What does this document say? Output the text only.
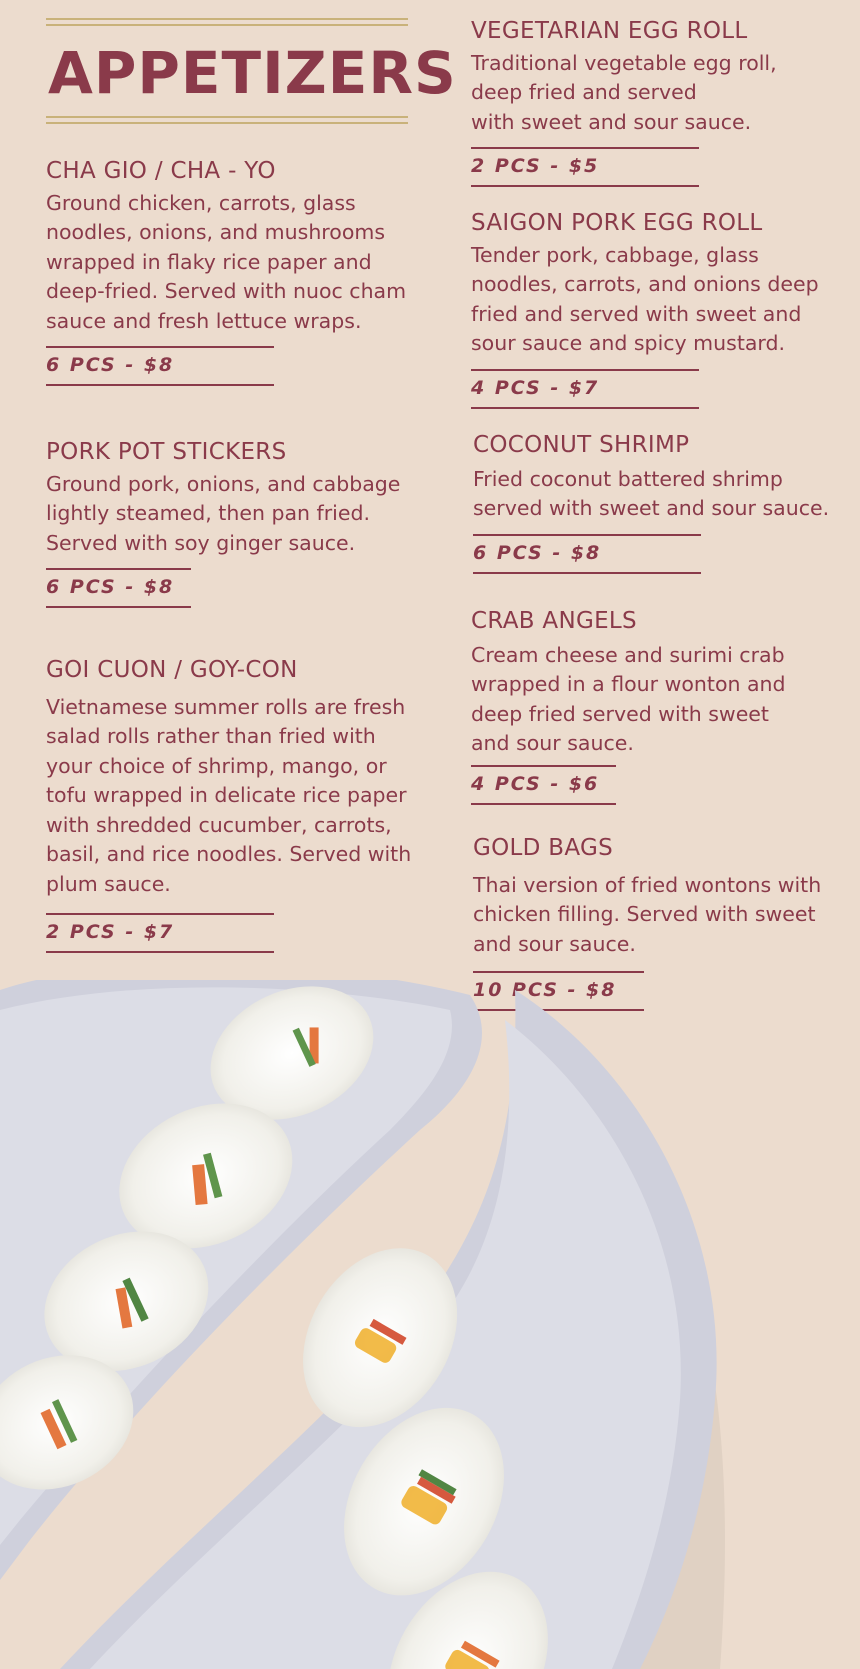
APPETIZERS
CHA GIO / CHA - YO
Ground chicken, carrots, glass
noodles, onions, and mushrooms
wrapped in flaky rice paper and
deep-fried. Served with nuoc cham
sauce and fresh lettuce wraps.
6 PCS - $8
PORK POT STICKERS
Ground pork, onions, and cabbage
lightly steamed, then pan fried.
Served with soy ginger sauce.
6 PCS - $8
GOI CUON / GOY-CON
Vietnamese summer rolls are fresh
salad rolls rather than fried with
your choice of shrimp, mango, or
tofu wrapped in delicate rice paper
with shredded cucumber, carrots,
basil, and rice noodles. Served with
plum sauce.
2 PCS - $7
VEGETARIAN EGG ROLL
Traditional vegetable egg roll,
deep fried and served
with sweet and sour sauce.
2 PCS - $5
SAIGON PORK EGG ROLL
Tender pork, cabbage, glass
noodles, carrots, and onions deep
fried and served with sweet and
sour sauce and spicy mustard.
4 PCS - $7
COCONUT SHRIMP
Fried coconut battered shrimp
served with sweet and sour sauce.
6 PCS - $8
CRAB ANGELS
Cream cheese and surimi crab
wrapped in a flour wonton and
deep fried served with sweet
and sour sauce.
4 PCS - $6
GOLD BAGS
Thai version of fried wontons with
chicken filling. Served with sweet
and sour sauce.
10 PCS - $8
